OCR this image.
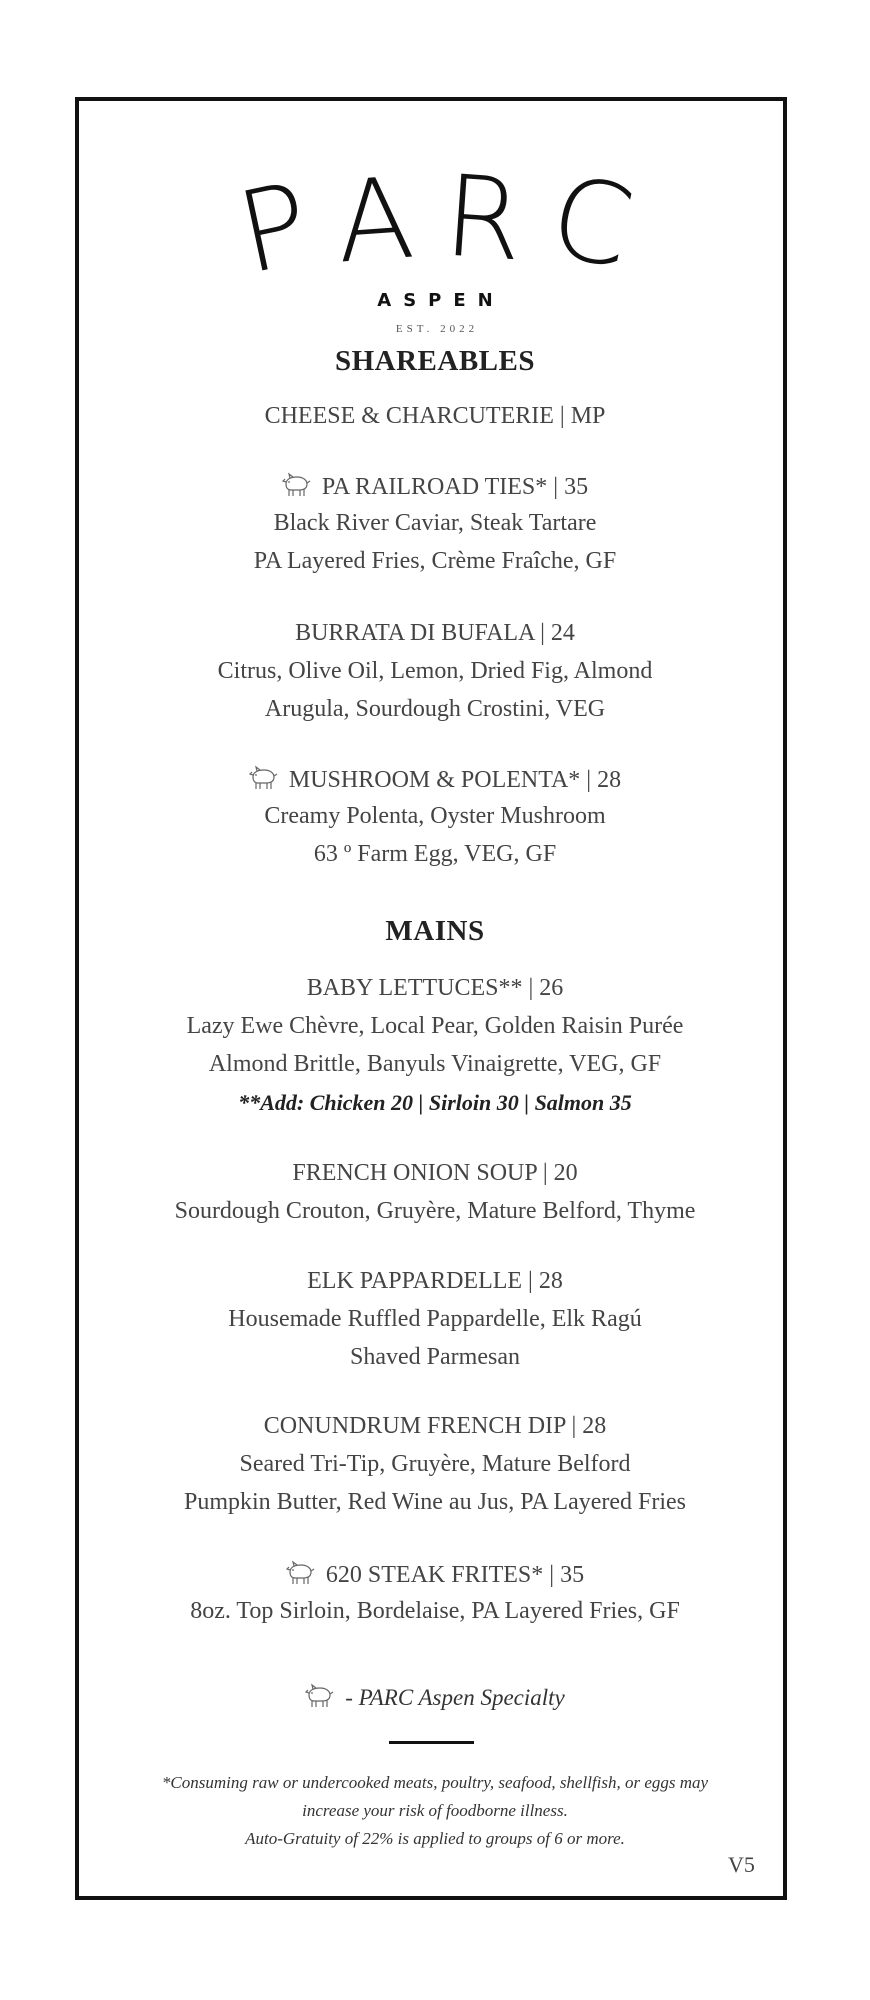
PARC
ASPEN
EST. 2022
SHAREABLES
CHEESE & CHARCUTERIE | MP
PA RAILROAD TIES* | 35
Black River Caviar, Steak Tartare
PA Layered Fries, Crème Fraîche, GF
BURRATA DI BUFALA | 24
Citrus, Olive Oil, Lemon, Dried Fig, Almond
Arugula, Sourdough Crostini, VEG
MUSHROOM & POLENTA* | 28
Creamy Polenta, Oyster Mushroom
63 º Farm Egg, VEG, GF
MAINS
BABY LETTUCES** | 26
Lazy Ewe Chèvre, Local Pear, Golden Raisin Purée
Almond Brittle, Banyuls Vinaigrette, VEG, GF
**Add: Chicken 20 | Sirloin 30 | Salmon 35
FRENCH ONION SOUP | 20
Sourdough Crouton, Gruyère, Mature Belford, Thyme
ELK PAPPARDELLE | 28
Housemade Ruffled Pappardelle, Elk Ragú
Shaved Parmesan
CONUNDRUM FRENCH DIP | 28
Seared Tri-Tip, Gruyère, Mature Belford
Pumpkin Butter, Red Wine au Jus, PA Layered Fries
620 STEAK FRITES* | 35
8oz. Top Sirloin, Bordelaise, PA Layered Fries, GF
- PARC Aspen Specialty
*Consuming raw or undercooked meats, poultry, seafood, shellfish, or eggs may
increase your risk of foodborne illness.
Auto-Gratuity of 22% is applied to groups of 6 or more.
V5
